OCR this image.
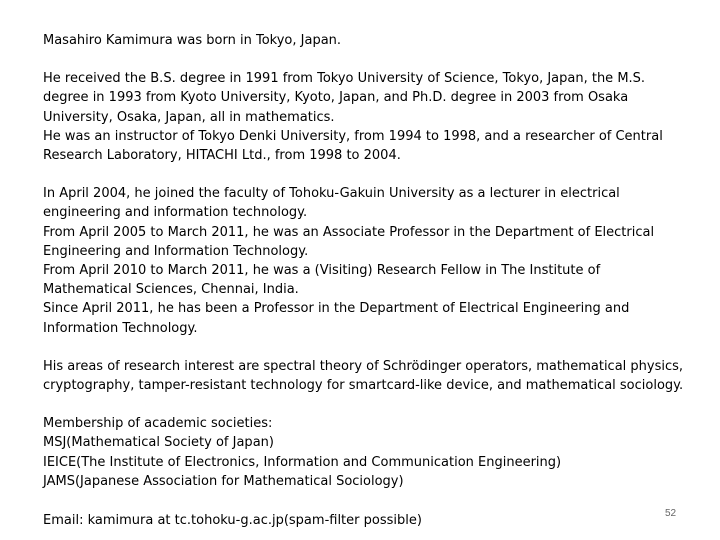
Masahiro Kamimura was born in Tokyo, Japan.
He received the B.S. degree in 1991 from Tokyo University of Science, Tokyo, Japan, the M.S.
degree in 1993 from Kyoto University, Kyoto, Japan, and Ph.D. degree in 2003 from Osaka
University, Osaka, Japan, all in mathematics.
He was an instructor of Tokyo Denki University, from 1994 to 1998, and a researcher of Central
Research Laboratory, HITACHI Ltd., from 1998 to 2004.
In April 2004, he joined the faculty of Tohoku-Gakuin University as a lecturer in electrical
engineering and information technology.
From April 2005 to March 2011, he was an Associate Professor in the Department of Electrical
Engineering and Information Technology.
From April 2010 to March 2011, he was a (Visiting) Research Fellow in The Institute of
Mathematical Sciences, Chennai, India.
Since April 2011, he has been a Professor in the Department of Electrical Engineering and
Information Technology.
His areas of research interest are spectral theory of Schrödinger operators, mathematical physics,
cryptography, tamper-resistant technology for smartcard-like device, and mathematical sociology.
Membership of academic societies:
MSJ(Mathematical Society of Japan)
IEICE(The Institute of Electronics, Information and Communication Engineering)
JAMS(Japanese Association for Mathematical Sociology)
Email: kamimura at tc.tohoku-g.ac.jp(spam-filter possible)	52
